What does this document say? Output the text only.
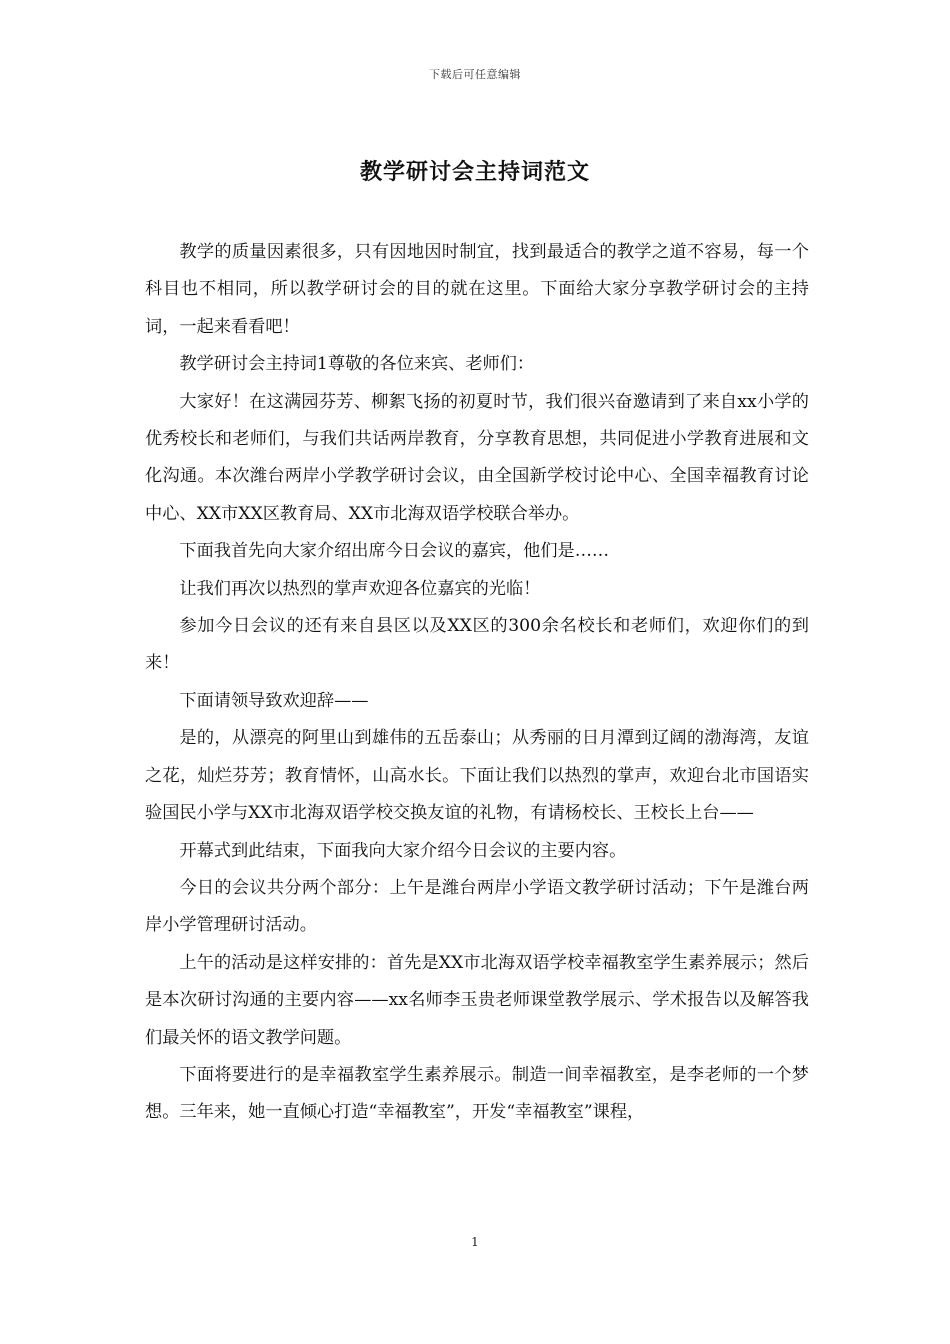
下载后可任意编辑
教学研讨会主持词范文

教学的质量因素很多，只有因地因时制宜，找到最适合的教学之道不容易，每一个科目也不相同，所以教学研讨会的目的就在这里。下面给大家分享教学研讨会的主持词，一起来看看吧！

教学研讨会主持词1尊敬的各位来宾、老师们：

大家好！在这满园芬芳、柳絮飞扬的初夏时节，我们很兴奋邀请到了来自xx小学的优秀校长和老师们，与我们共话两岸教育，分享教育思想，共同促进小学教育进展和文化沟通。本次潍台两岸小学教学研讨会议，由全国新学校讨论中心、全国幸福教育讨论中心、XX市XX区教育局、XX市北海双语学校联合举办。

下面我首先向大家介绍出席今日会议的嘉宾，他们是……

让我们再次以热烈的掌声欢迎各位嘉宾的光临！

参加今日会议的还有来自县区以及XX区的300余名校长和老师们，欢迎你们的到来！

下面请领导致欢迎辞——

是的，从漂亮的阿里山到雄伟的五岳泰山；从秀丽的日月潭到辽阔的渤海湾，友谊之花，灿烂芬芳；教育情怀，山高水长。下面让我们以热烈的掌声，欢迎台北市国语实验国民小学与XX市北海双语学校交换友谊的礼物，有请杨校长、王校长上台——

开幕式到此结束，下面我向大家介绍今日会议的主要内容。

今日的会议共分两个部分：上午是潍台两岸小学语文教学研讨活动；下午是潍台两岸小学管理研讨活动。

上午的活动是这样安排的：首先是XX市北海双语学校幸福教室学生素养展示；然后是本次研讨沟通的主要内容——xx名师李玉贵老师课堂教学展示、学术报告以及解答我们最关怀的语文教学问题。

下面将要进行的是幸福教室学生素养展示。制造一间幸福教室，是李老师的一个梦想。三年来，她一直倾心打造“幸福教室”，开发“幸福教室”课程，

1
